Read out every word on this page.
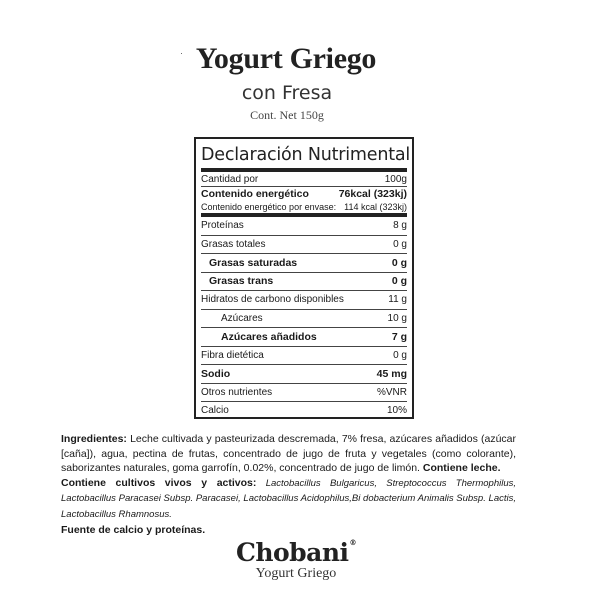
· Yogurt Griego
con Fresa
Cont. Net 150g
Declaración Nutrimental
Cantidad por	100g
Contenido energético	76kcal (323kj)
Contenido energético por envase: 114 kcal (323kj)
Proteínas	8 g
Grasas totales	0 g
Grasas saturadas	0 g
Grasas trans	0 g
Hidratos de carbono disponibles	11 g
Azúcares	10 g
Azúcares añadidos	7 g
Fibra dietética	0 g
Sodio	45 mg
Otros nutrientes	%VNR
Calcio	10%

Ingredientes: Leche cultivada y pasteurizada descremada, 7% fresa, azúcares añadidos (azúcar [caña]), agua, pectina de frutas, concentrado de jugo de fruta y vegetales (como colorante), saborizantes naturales, goma garrofín, 0.02%, concentrado de jugo de limón. Contiene leche.

Contiene cultivos vivos y activos: Lactobacillus Bulgaricus, Streptococcus Thermophilus, Lactobacillus Paracasei Subsp. Paracasei, Lactobacillus Acidophilus,Bi dobacterium Animalis Subsp. Lactis, Lactobacillus Rhamnosus.

Fuente de calcio y proteínas.

Chobani®
Yogurt Griego
